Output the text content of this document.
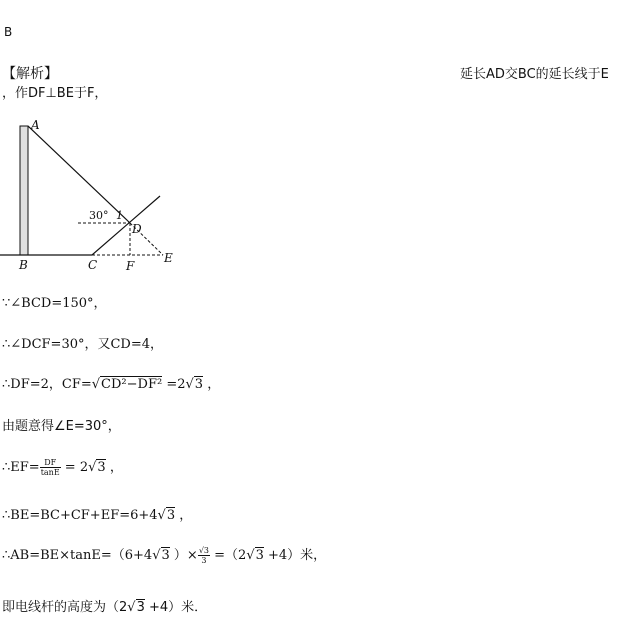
B
【解析】	延长AD交BC的延长线于E
，作DF⊥BE于F，
A
B	C
D
E
F
30° 1
∵∠BCD=150°，
∴∠DCF=30°，又CD=4，
∴DF=2，CF=√CD²−DF² =2√3 ，
由题意得∠E=30°，
∴EF= $\frac{DF}{\tan E} = 2√3$ ，
∴BE=BC+CF+EF=6+4√3 ，
∴AB=BE×tanE=（6+4√3 ）× $\frac{√3}{3} =(2√3 +4)$米，
即电线杆的高度为（2√3 +4）米．
